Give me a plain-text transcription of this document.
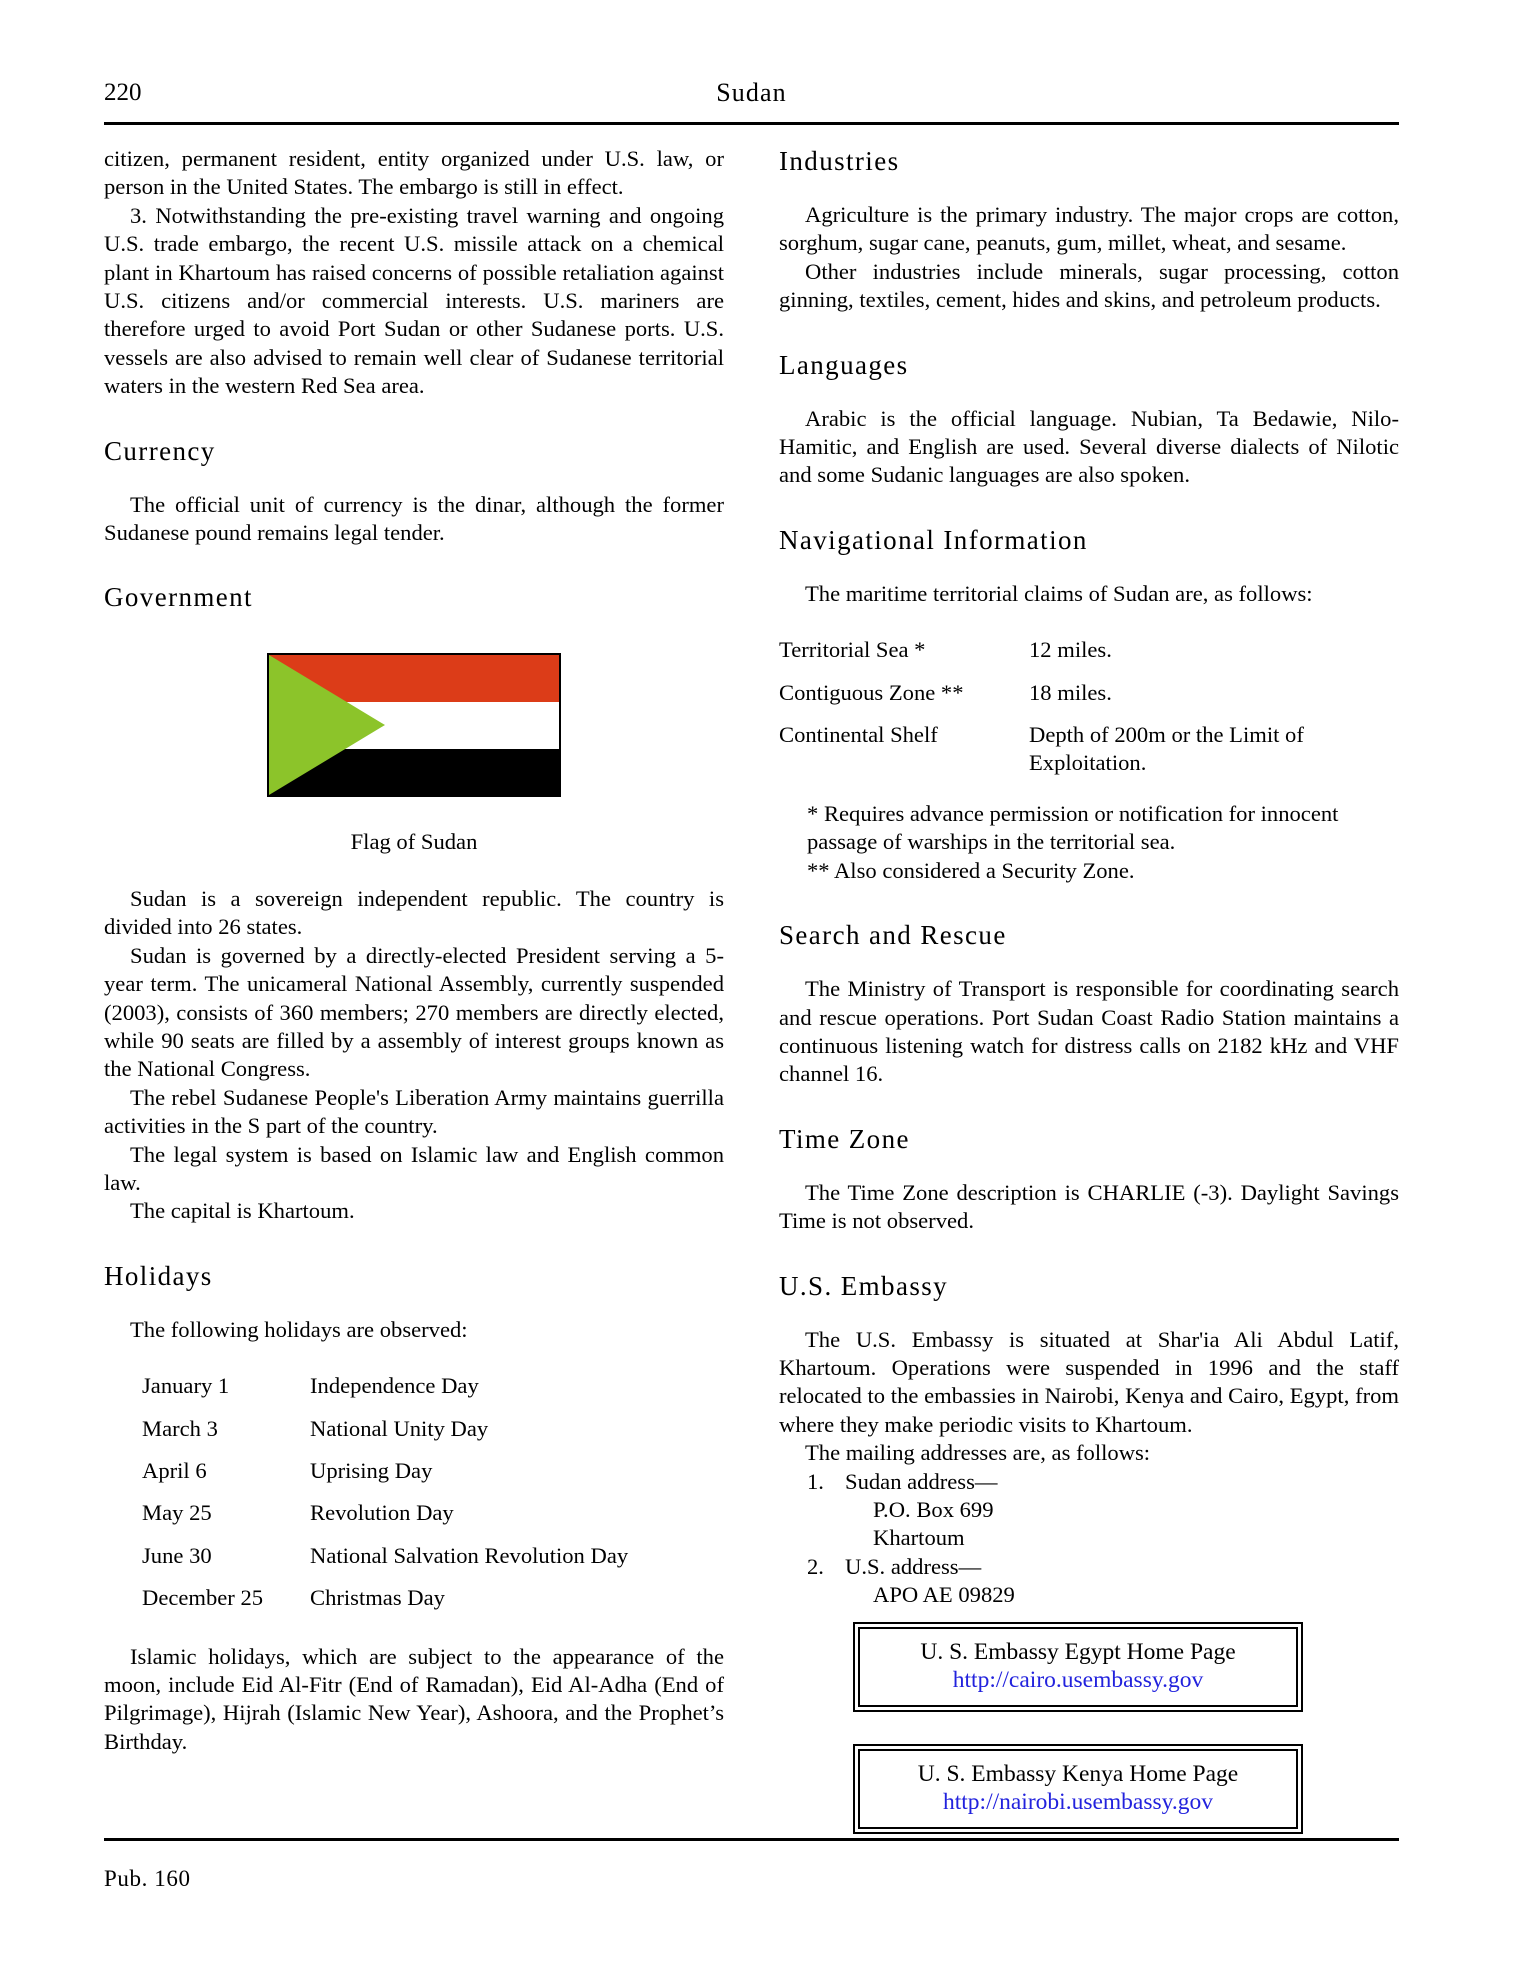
220	Sudan

citizen, permanent resident, entity organized under U.S. law, or person in the United States. The embargo is still in effect.

3. Notwithstanding the pre-existing travel warning and ongoing U.S. trade embargo, the recent U.S. missile attack on a chemical plant in Khartoum has raised concerns of possible retaliation against U.S. citizens and/or commercial interests. U.S. mariners are therefore urged to avoid Port Sudan or other Sudanese ports. U.S. vessels are also advised to remain well clear of Sudanese territorial waters in the western Red Sea area.

Currency

The official unit of currency is the dinar, although the former Sudanese pound remains legal tender.

Government
Flag of Sudan

Sudan is a sovereign independent republic. The country is divided into 26 states.

Sudan is governed by a directly-elected President serving a 5-year term. The unicameral National Assembly, currently suspended (2003), consists of 360 members; 270 members are directly elected, while 90 seats are filled by a assembly of interest groups known as the National Congress.

The rebel Sudanese People's Liberation Army maintains guerrilla activities in the S part of the country.

The legal system is based on Islamic law and English common law.

The capital is Khartoum.

Holidays

The following holidays are observed:

January 1	Independence Day
March 3	National Unity Day
April 6	Uprising Day
May 25	Revolution Day
June 30	National Salvation Revolution Day
December 25	Christmas Day

Islamic holidays, which are subject to the appearance of the moon, include Eid Al-Fitr (End of Ramadan), Eid Al-Adha (End of Pilgrimage), Hijrah (Islamic New Year), Ashoora, and the Prophet’s Birthday.

Industries

Agriculture is the primary industry. The major crops are cotton, sorghum, sugar cane, peanuts, gum, millet, wheat, and sesame.

Other industries include minerals, sugar processing, cotton ginning, textiles, cement, hides and skins, and petroleum products.

Languages

Arabic is the official language. Nubian, Ta Bedawie, Nilo-Hamitic, and English are used. Several diverse dialects of Nilotic and some Sudanic languages are also spoken.

Navigational Information

The maritime territorial claims of Sudan are, as follows:

Territorial Sea *	12 miles.
Contiguous Zone **	18 miles.
Continental Shelf	Depth of 200m or the Limit of Exploitation.

* Requires advance permission or notification for innocent passage of warships in the territorial sea.

** Also considered a Security Zone.

Search and Rescue

The Ministry of Transport is responsible for coordinating search and rescue operations. Port Sudan Coast Radio Station maintains a continuous listening watch for distress calls on 2182 kHz and VHF channel 16.

Time Zone

The Time Zone description is CHARLIE (-3). Daylight Savings Time is not observed.

U.S. Embassy

The U.S. Embassy is situated at Shar'ia Ali Abdul Latif, Khartoum. Operations were suspended in 1996 and the staff relocated to the embassies in Nairobi, Kenya and Cairo, Egypt, from where they make periodic visits to Khartoum.

The mailing addresses are, as follows:

1. Sudan address—
P.O. Box 699
Khartoum
2. U.S. address—
APO AE 09829
U. S. Embassy Egypt Home Page
http://cairo.usembassy.gov
U. S. Embassy Kenya Home Page
http://nairobi.usembassy.gov
Pub. 160
